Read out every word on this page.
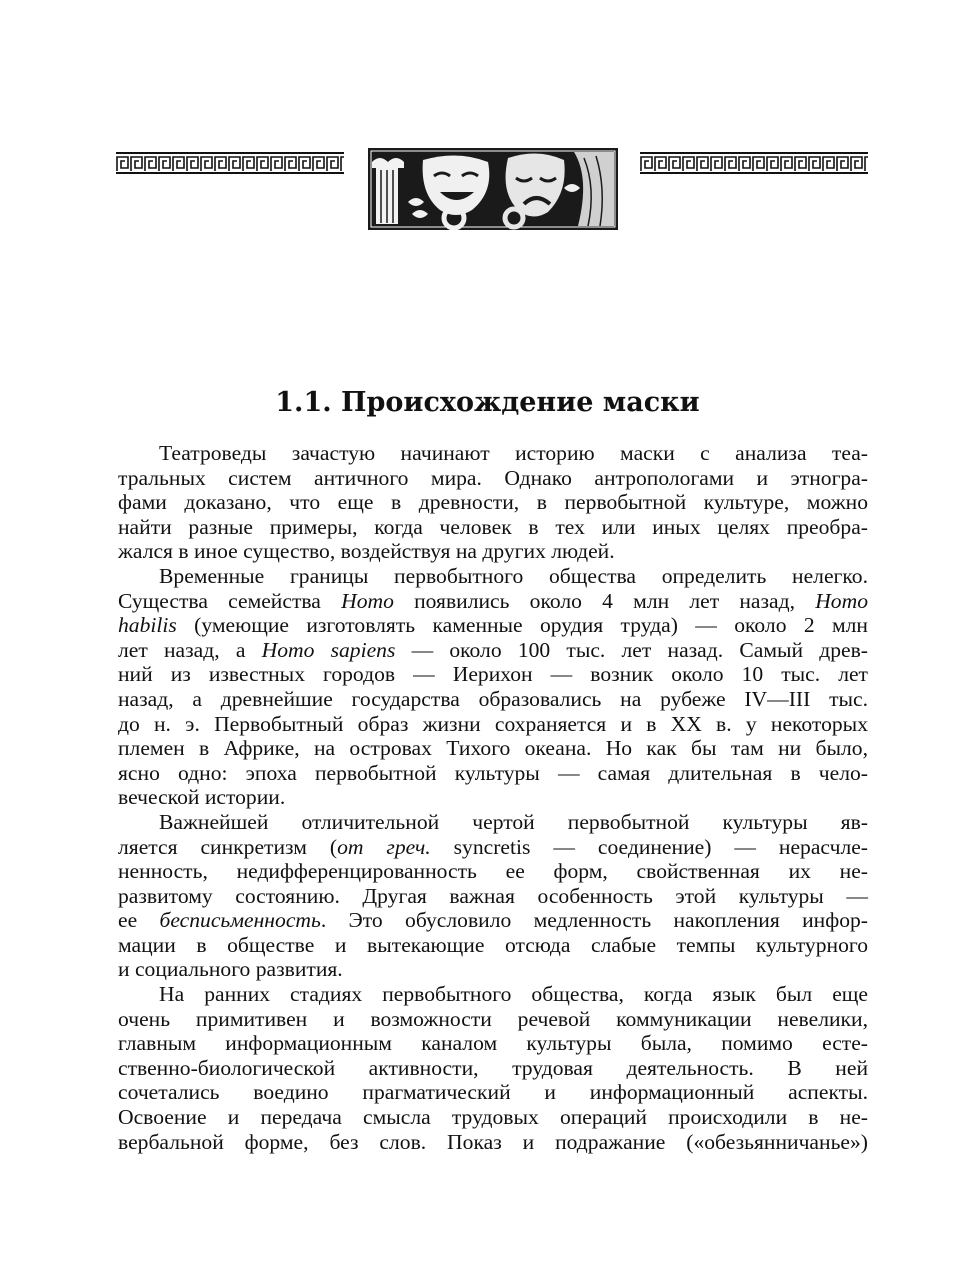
1.1. Происхождение маски
Театроведы зачастую начинают историю маски с анализа теа-
тральных систем античного мира. Однако антропологами и этногра-
фами доказано, что еще в древности, в первобытной культуре, можно
найти разные примеры, когда человек в тех или иных целях преобра-
жался в иное существо, воздействуя на других людей.
Временные границы первобытного общества определить нелегко.
Существа семейства Homo появились около 4 млн лет назад, Homo
habilis (умеющие изготовлять каменные орудия труда) — около 2 млн
лет назад, а Homo sapiens — около 100 тыс. лет назад. Самый древ-
ний из известных городов — Иерихон — возник около 10 тыс. лет
назад, а древнейшие государства образовались на рубеже IV—III тыс.
до н. э. Первобытный образ жизни сохраняется и в XX в. у некоторых
племен в Африке, на островах Тихого океана. Но как бы там ни было,
ясно одно: эпоха первобытной культуры — самая длительная в чело-
веческой истории.
Важнейшей отличительной чертой первобытной культуры яв-
ляется синкретизм (от греч. syncretis — соединение) — нерасчле-
ненность, недифференцированность ее форм, свойственная их не-
развитому состоянию. Другая важная особенность этой культуры —
ее бесписьменность. Это обусловило медленность накопления инфор-
мации в обществе и вытекающие отсюда слабые темпы культурного
и социального развития.
На ранних стадиях первобытного общества, когда язык был еще
очень примитивен и возможности речевой коммуникации невелики,
главным информационным каналом культуры была, помимо есте-
ственно-биологической активности, трудовая деятельность. В ней
сочетались воедино прагматический и информационный аспекты.
Освоение и передача смысла трудовых операций происходили в не-
вербальной форме, без слов. Показ и подражание («обезьянничанье»)
